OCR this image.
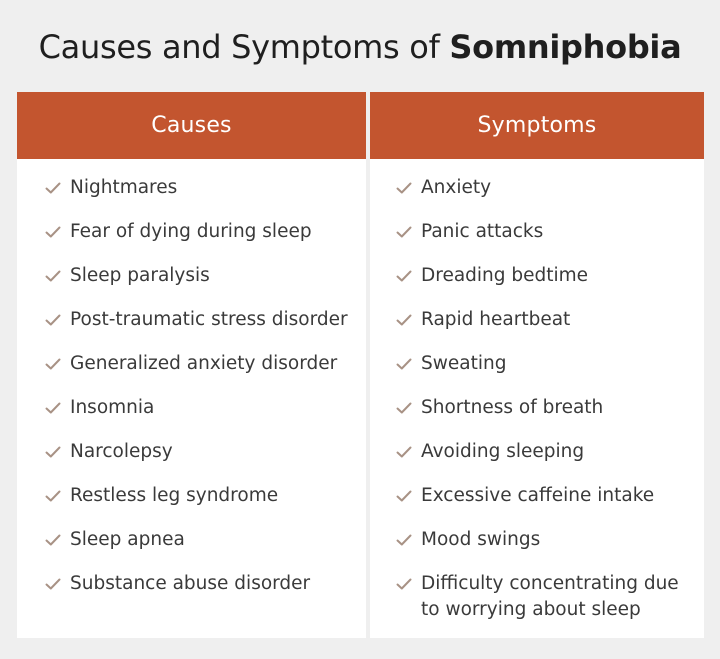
Causes and Symptoms of Somniphobia
Causes
Nightmares
Fear of dying during sleep
Sleep paralysis
Post-traumatic stress disorder
Generalized anxiety disorder
Insomnia
Narcolepsy
Restless leg syndrome
Sleep apnea
Substance abuse disorder
Symptoms
Anxiety
Panic attacks
Dreading bedtime
Rapid heartbeat
Sweating
Shortness of breath
Avoiding sleeping
Excessive caffeine intake
Mood swings
Difficulty concentrating due to worrying about sleep
